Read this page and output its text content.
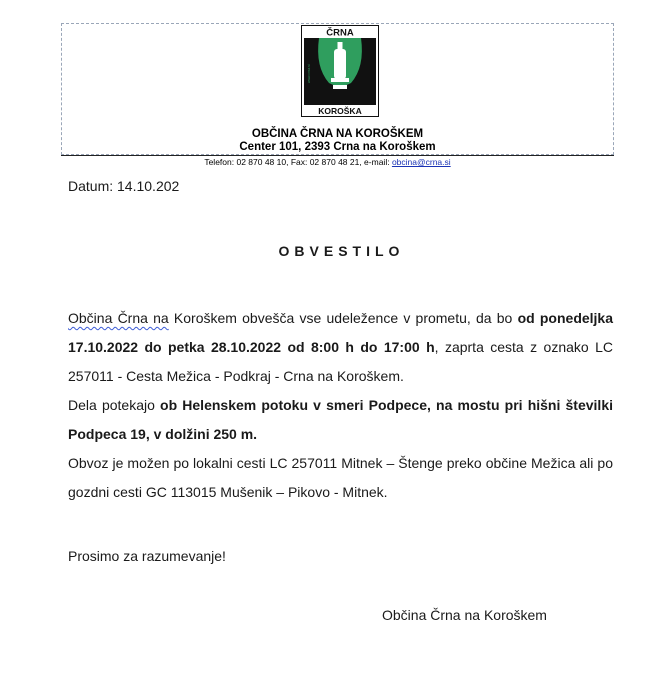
ČRNA
KOROŠKA
www.crna.si
OBČINA ČRNA NA KOROŠKEM
Center 101, 2393 Crna na Koroškem
Telefon: 02 870 48 10, Fax: 02 870 48 21, e-mail: obcina@crna.si
Datum: 14.10.202
OBVESTILO

Občina Črna na Koroškem obvešča vse udeležence v prometu, da bo od ponedeljka

17.10.2022 do petka 28.10.2022 od 8:00 h do 17:00 h, zaprta cesta z oznako LC

257011 - Cesta Mežica - Podkraj - Crna na Koroškem.

Dela potekajo ob Helenskem potoku v smeri Podpece, na mostu pri hišni številki

Podpeca 19, v dolžini 250 m.

Obvoz je možen po lokalni cesti LC 257011 Mitnek – Štenge preko občine Mežica ali po

gozdni cesti GC 113015 Mušenik – Pikovo - Mitnek.

Prosimo za razumevanje!
Občina Črna na Koroškem
